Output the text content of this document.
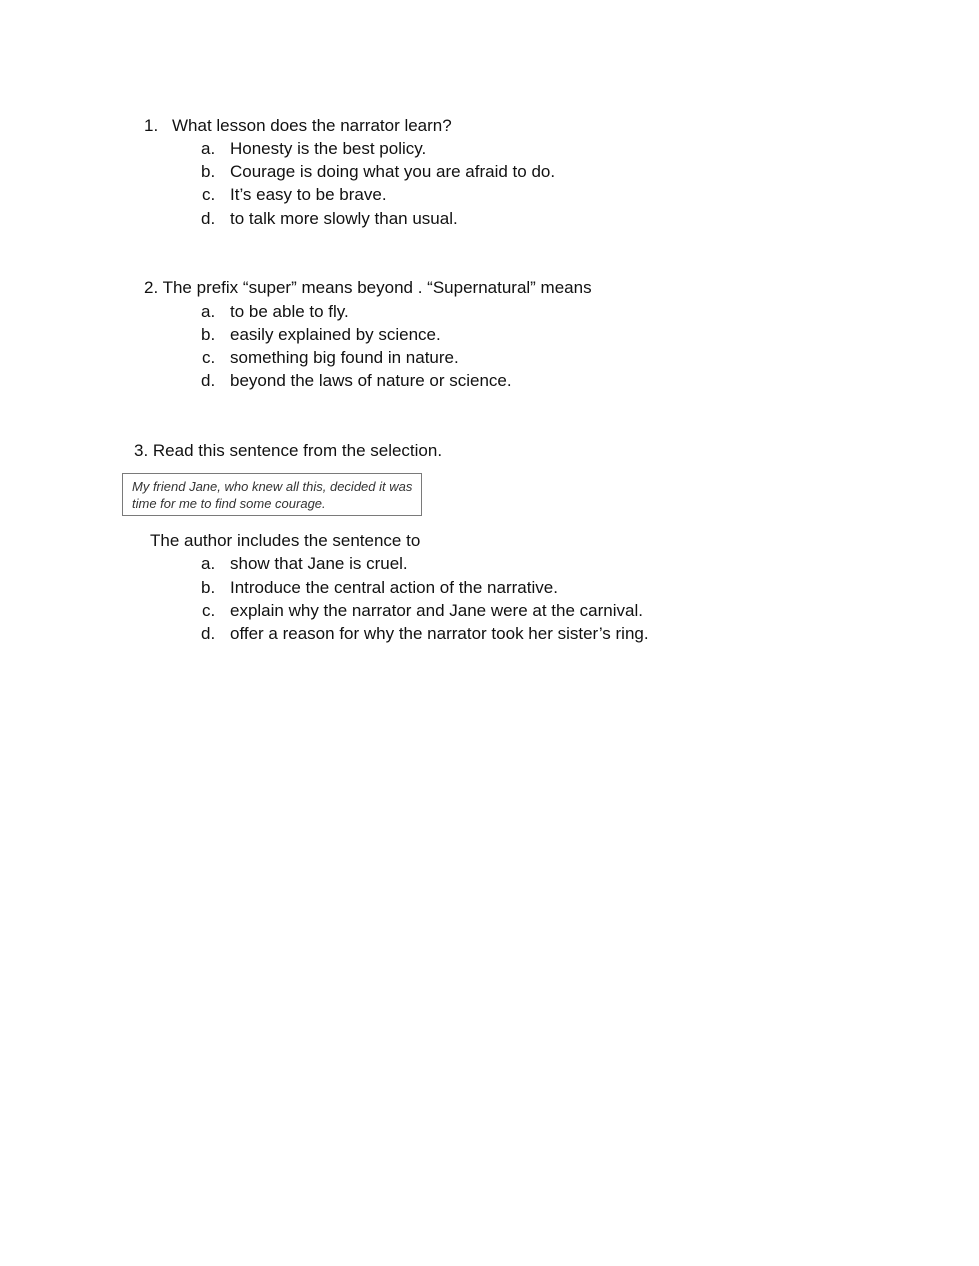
1. What lesson does the narrator learn?
a. Honesty is the best policy.
b. Courage is doing what you are afraid to do.
c. It’s easy to be brave.
d. to talk more slowly than usual.
2. The prefix “super” means beyond . “Supernatural” means
a. to be able to fly.
b. easily explained by science.
c. something big found in nature.
d. beyond the laws of nature or science.
3. Read this sentence from the selection.
My friend Jane, who knew all this, decided it was time for me to find some courage.
The author includes the sentence to
a. show that Jane is cruel.
b. Introduce the central action of the narrative.
c. explain why the narrator and Jane were at the carnival.
d. offer a reason for why the narrator took her sister’s ring.
